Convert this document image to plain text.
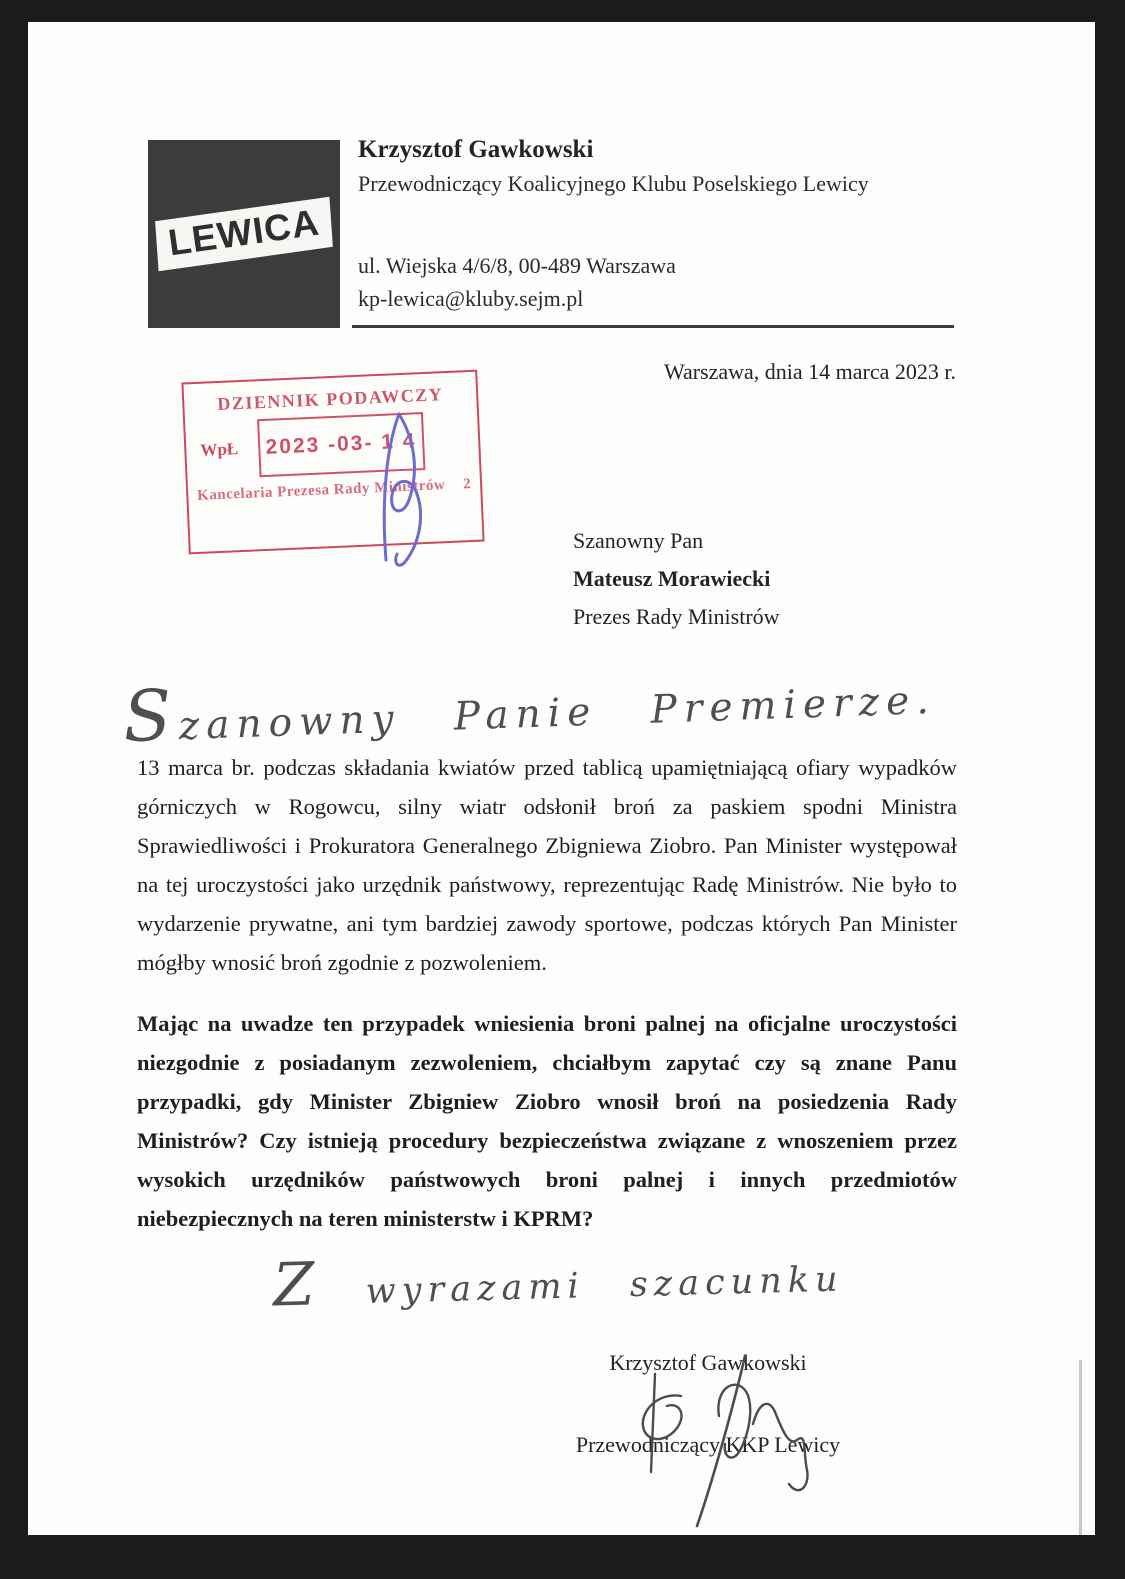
LEWICA
Krzysztof Gawkowski
Przewodniczący Koalicyjnego Klubu Poselskiego Lewicy
ul. Wiejska 4/6/8, 00-489 Warszawa
kp-lewica@kluby.sejm.pl
Warszawa, dnia 14 marca 2023 r.
DZIENNIK PODAWCZY
WpŁ	2023 -03- 1 4
Kancelaria Prezesa Rady Ministrów 2
Szanowny Pan
Mateusz Morawiecki
Prezes Rady Ministrów
Szanowny Panie Premierze.
13 marca br. podczas składania kwiatów przed tablicą upamiętniającą ofiary wypadków górniczych w Rogowcu, silny wiatr odsłonił broń za paskiem spodni Ministra Sprawiedliwości i Prokuratora Generalnego Zbigniewa Ziobro. Pan Minister występował na tej uroczystości jako urzędnik państwowy, reprezentując Radę Ministrów. Nie było to wydarzenie prywatne, ani tym bardziej zawody sportowe, podczas których Pan Minister mógłby wnosić broń zgodnie z pozwoleniem.
Mając na uwadze ten przypadek wniesienia broni palnej na oficjalne uroczystości niezgodnie z posiadanym zezwoleniem, chciałbym zapytać czy są znane Panu przypadki, gdy Minister Zbigniew Ziobro wnosił broń na posiedzenia Rady Ministrów? Czy istnieją procedury bezpieczeństwa związane z wnoszeniem przez wysokich urzędników państwowych broni palnej i innych przedmiotów niebezpiecznych na teren ministerstw i KPRM?
Z wyrazami szacunku
Krzysztof Gawkowski
Przewodniczący KKP Lewicy
